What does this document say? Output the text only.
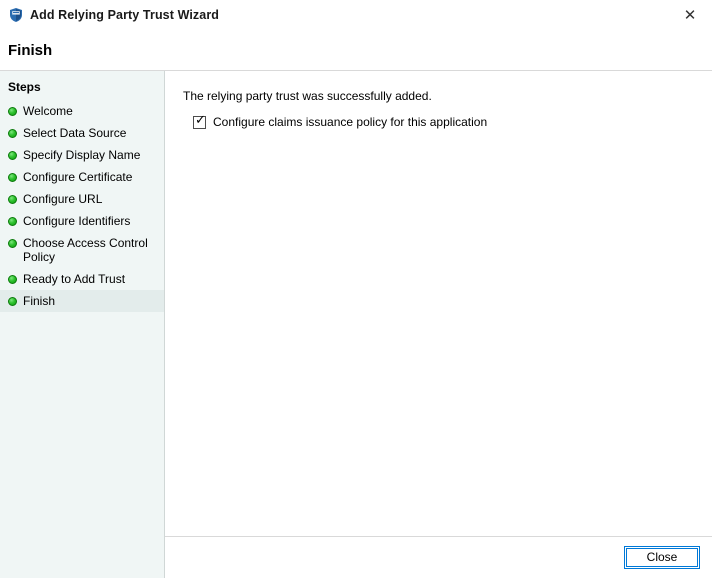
Add Relying Party Trust Wizard	✕
Finish
Steps
Welcome
Select Data Source
Specify Display Name
Configure Certificate
Configure URL
Configure Identifiers
Choose Access Control Policy
Ready to Add Trust
Finish

The relying party trust was successfully added.

✓ Configure claims issuance policy for this application
Close
